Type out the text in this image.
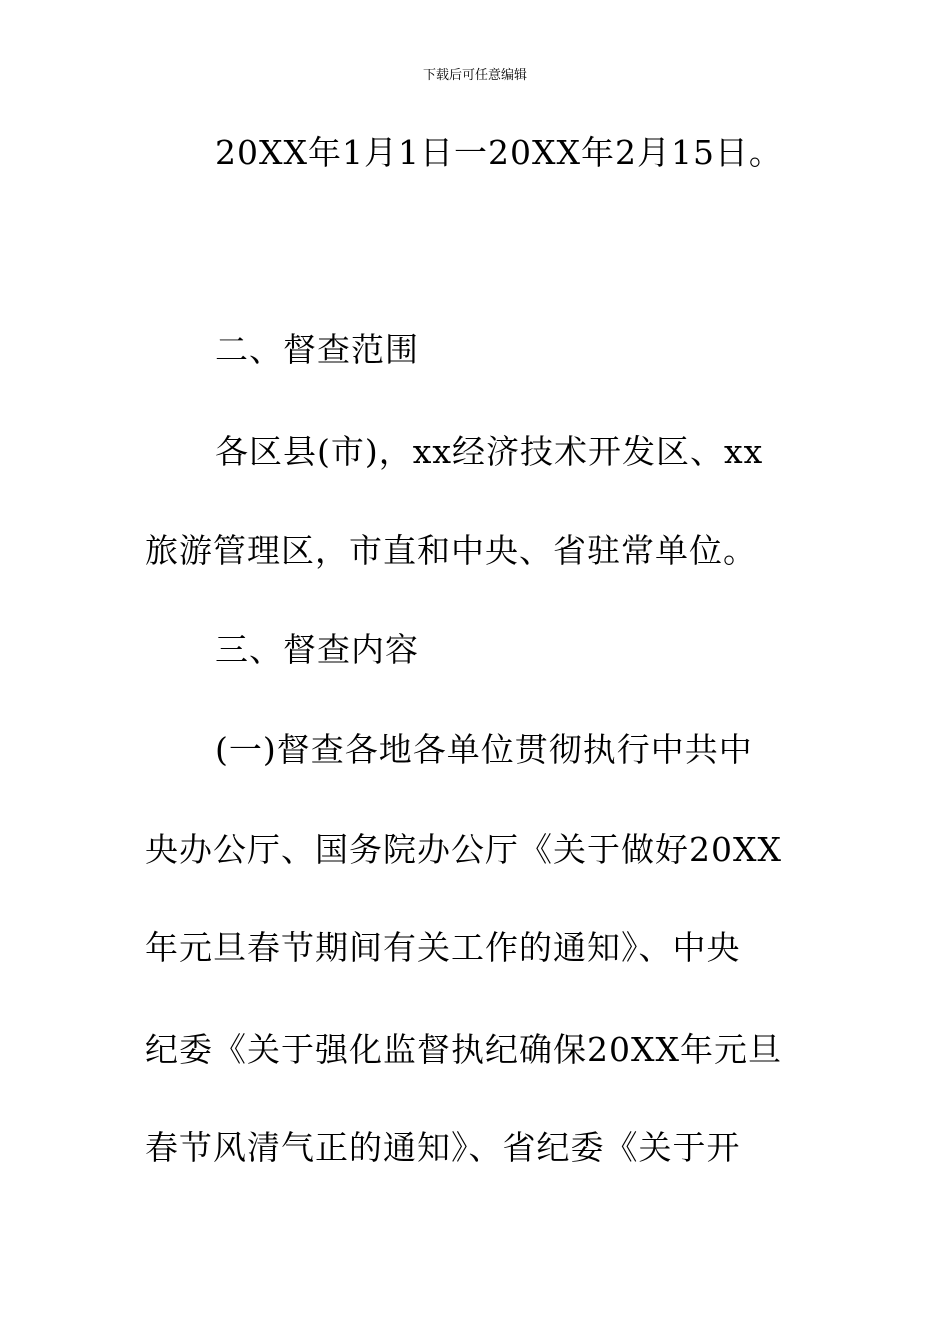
下载后可任意编辑
20XX年1月1日一20XX年2月15日。
二、督查范围
各区县(市)，xx经济技术开发区、xx
旅游管理区，市直和中央、省驻常单位。
三、督查内容
(一)督查各地各单位贯彻执行中共中
央办公厅、国务院办公厅《关于做好20XX
年元旦春节期间有关工作的通知》、中央
纪委《关于强化监督执纪确保20XX年元旦
春节风清气正的通知》、省纪委《关于开
